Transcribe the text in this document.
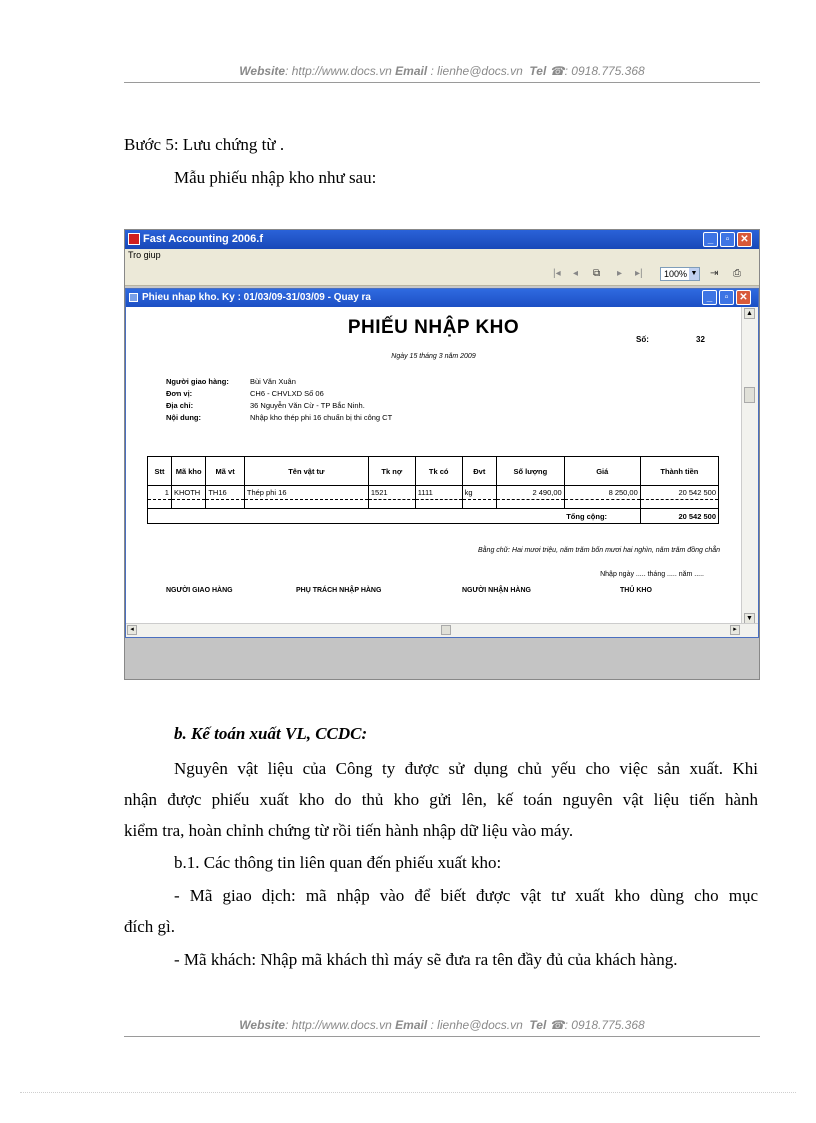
Website: http://www.docs.vn Email : lienhe@docs.vn Tel ☎: 0918.775.368
Bước 5: Lưu chứng từ .
Mẫu phiếu nhập kho như sau:
Fast Accounting 2006.f	_	▫	✕
Tro giup
|◂ ◂ ⧉ ▸ ▸|	100% ▼ ⇥ ⎙
Phieu nhap kho. Ky : 01/03/09-31/03/09 - Quay ra	_	▫	✕
PHIẾU NHẬP KHO
Số:	32
Ngày 15 tháng 3 năm 2009
Người giao hàng:	Bùi Văn Xuân
Đơn vị:	CH6 - CHVLXD Số 06
Địa chỉ:	36 Nguyễn Văn Cừ - TP Bắc Ninh.
Nội dung:	Nhập kho thép phi 16 chuẩn bị thi công CT
Stt	Mã kho	Mã vt	Tên vật tư	Tk nợ	Tk có	Đvt	Số lượng	Giá	Thành tiền
1	KHOTH	TH16	Thép phi 16	1521	1111	kg	2 490,00	8 250,00	20 542 500

								Tổng cộng:	20 542 500
Bằng chữ: Hai mươi triệu, năm trăm bốn mươi hai nghìn, năm trăm đồng chẵn
Nhập ngày ..... tháng ..... năm .....
NGƯỜI GIAO HÀNG	PHỤ TRÁCH NHẬP HÀNG	NGƯỜI NHẬN HÀNG	THỦ KHO
▲
▼
◂	▸
b. Kế toán xuất VL, CCDC:
Nguyên vật liệu của Công ty được sử dụng chủ yếu cho việc sản xuất. Khi
nhận được phiếu xuất kho do thủ kho gửi lên, kế toán nguyên vật liệu tiến hành
kiểm tra, hoàn chỉnh chứng từ rồi tiến hành nhập dữ liệu vào máy.
b.1. Các thông tin liên quan đến phiếu xuất kho:
- Mã giao dịch: mã nhập vào để biết được vật tư xuất kho dùng cho mục
đích gì.
- Mã khách: Nhập mã khách thì máy sẽ đưa ra tên đầy đủ của khách hàng.
Website: http://www.docs.vn Email : lienhe@docs.vn Tel ☎: 0918.775.368
